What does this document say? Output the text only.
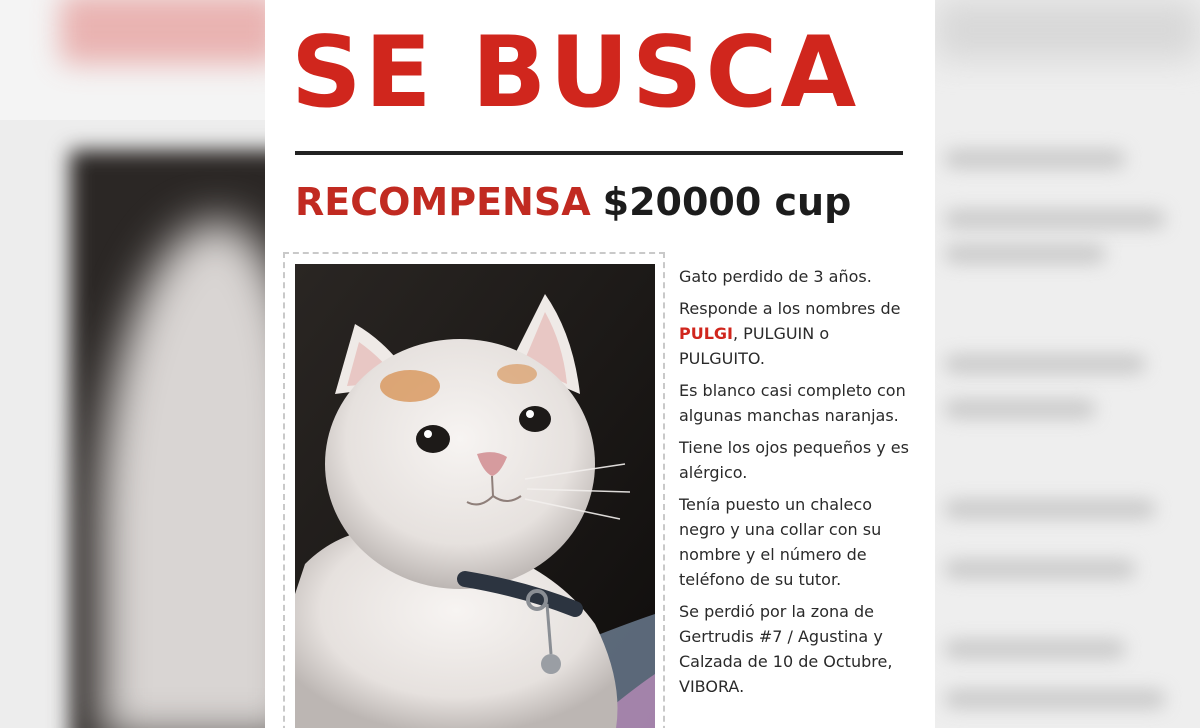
SE BUSCA
RECOMPENSA $20000 cup

Gato perdido de 3 años.

Responde a los nombres de PULGI, PULGUIN o PULGUITO.

Es blanco casi completo con algunas manchas naranjas.

Tiene los ojos pequeños y es alérgico.

Tenía puesto un chaleco negro y una collar con su nombre y el número de teléfono de su tutor.

Se perdió por la zona de Gertrudis #7 / Agustina y Calzada de 10 de Octubre, VIBORA.
